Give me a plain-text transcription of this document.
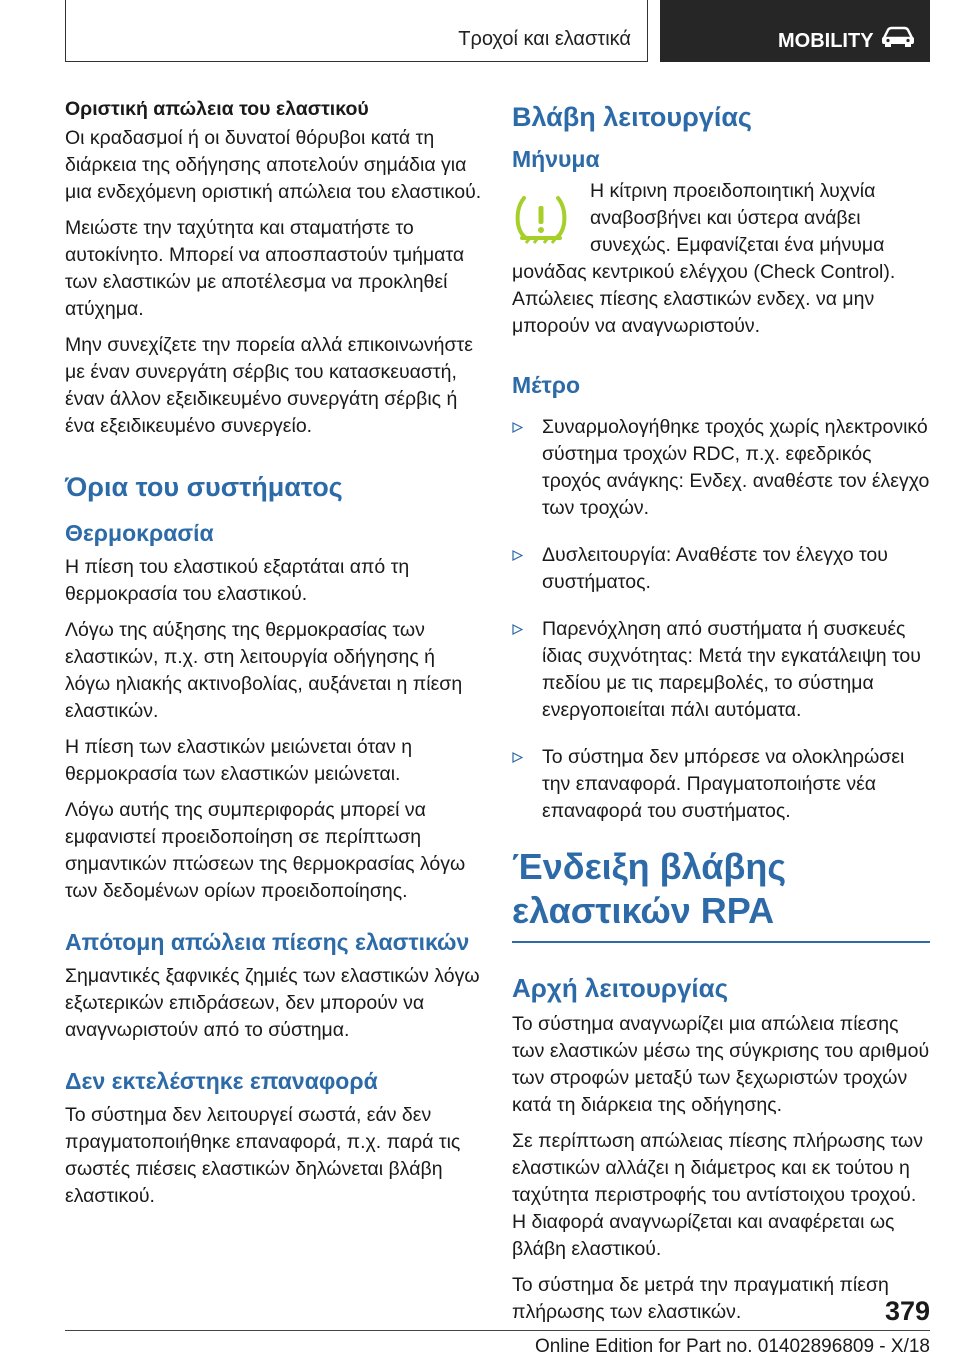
Τροχοί και ελαστικά	MOBILITY
Οριστική απώλεια του ελαστικού

Οι κραδασμοί ή οι δυνατοί θόρυβοι κατά τη διάρκεια της οδήγησης αποτελούν σημάδια για μια ενδεχόμενη οριστική απώλεια του ελαστικού.

Μειώστε την ταχύτητα και σταματήστε το αυτοκίνητο. Μπορεί να αποσπαστούν τμήματα των ελαστικών με αποτέλεσμα να προκληθεί ατύχημα.

Μην συνεχίζετε την πορεία αλλά επικοινωνήστε με έναν συνεργάτη σέρβις του κατασκευαστή, έναν άλλον εξειδικευμένο συνεργάτη σέρβις ή ένα εξειδικευμένο συνεργείο.

Όρια του συστήματος
Θερμοκρασία

Η πίεση του ελαστικού εξαρτάται από τη θερμοκρασία του ελαστικού.

Λόγω της αύξησης της θερμοκρασίας των ελαστικών, π.χ. στη λειτουργία οδήγησης ή λόγω ηλιακής ακτινοβολίας, αυξάνεται η πίεση ελαστικών.

Η πίεση των ελαστικών μειώνεται όταν η θερμοκρασία των ελαστικών μειώνεται.

Λόγω αυτής της συμπεριφοράς μπορεί να εμφανιστεί προειδοποίηση σε περίπτωση σημαντικών πτώσεων της θερμοκρασίας λόγω των δεδομένων ορίων προειδοποίησης.

Απότομη απώλεια πίεσης ελαστικών

Σημαντικές ξαφνικές ζημιές των ελαστικών λόγω εξωτερικών επιδράσεων, δεν μπορούν να αναγνωριστούν από το σύστημα.

Δεν εκτελέστηκε επαναφορά

Το σύστημα δεν λειτουργεί σωστά, εάν δεν πραγματοποιήθηκε επαναφορά, π.χ. παρά τις σωστές πιέσεις ελαστικών δηλώνεται βλάβη ελαστικού.

Βλάβη λειτουργίας
Μήνυμα

Η κίτρινη προειδοποιητική λυχνία αναβοσβήνει και ύστερα ανάβει συνεχώς. Εμφανίζεται ένα μήνυμα μονάδας κεντρικού ελέγχου (Check Control). Απώλειες πίεσης ελαστικών ενδεχ. να μην μπορούν να αναγνωριστούν.

Μέτρο
Συναρμολογήθηκε τροχός χωρίς ηλεκτρονικό σύστημα τροχών RDC, π.χ. εφεδρικός τροχός ανάγκης: Ενδεχ. αναθέστε τον έλεγχο των τροχών.
Δυσλειτουργία: Αναθέστε τον έλεγχο του συστήματος.
Παρενόχληση από συστήματα ή συσκευές ίδιας συχνότητας: Μετά την εγκατάλειψη του πεδίου με τις παρεμβολές, το σύστημα ενεργοποιείται πάλι αυτόματα.
Το σύστημα δεν μπόρεσε να ολοκληρώσει την επαναφορά. Πραγματοποιήστε νέα επαναφορά του συστήματος.
Ένδειξη βλάβης ελαστικών RPA
Αρχή λειτουργίας

Το σύστημα αναγνωρίζει μια απώλεια πίεσης των ελαστικών μέσω της σύγκρισης του αριθμού των στροφών μεταξύ των ξεχωριστών τροχών κατά τη διάρκεια της οδήγησης.

Σε περίπτωση απώλειας πίεσης πλήρωσης των ελαστικών αλλάζει η διάμετρος και εκ τούτου η ταχύτητα περιστροφής του αντίστοιχου τροχού. Η διαφορά αναγνωρίζεται και αναφέρεται ως βλάβη ελαστικού.

Το σύστημα δε μετρά την πραγματική πίεση πλήρωσης των ελαστικών.	379
Online Edition for Part no. 01402896809 - X/18
